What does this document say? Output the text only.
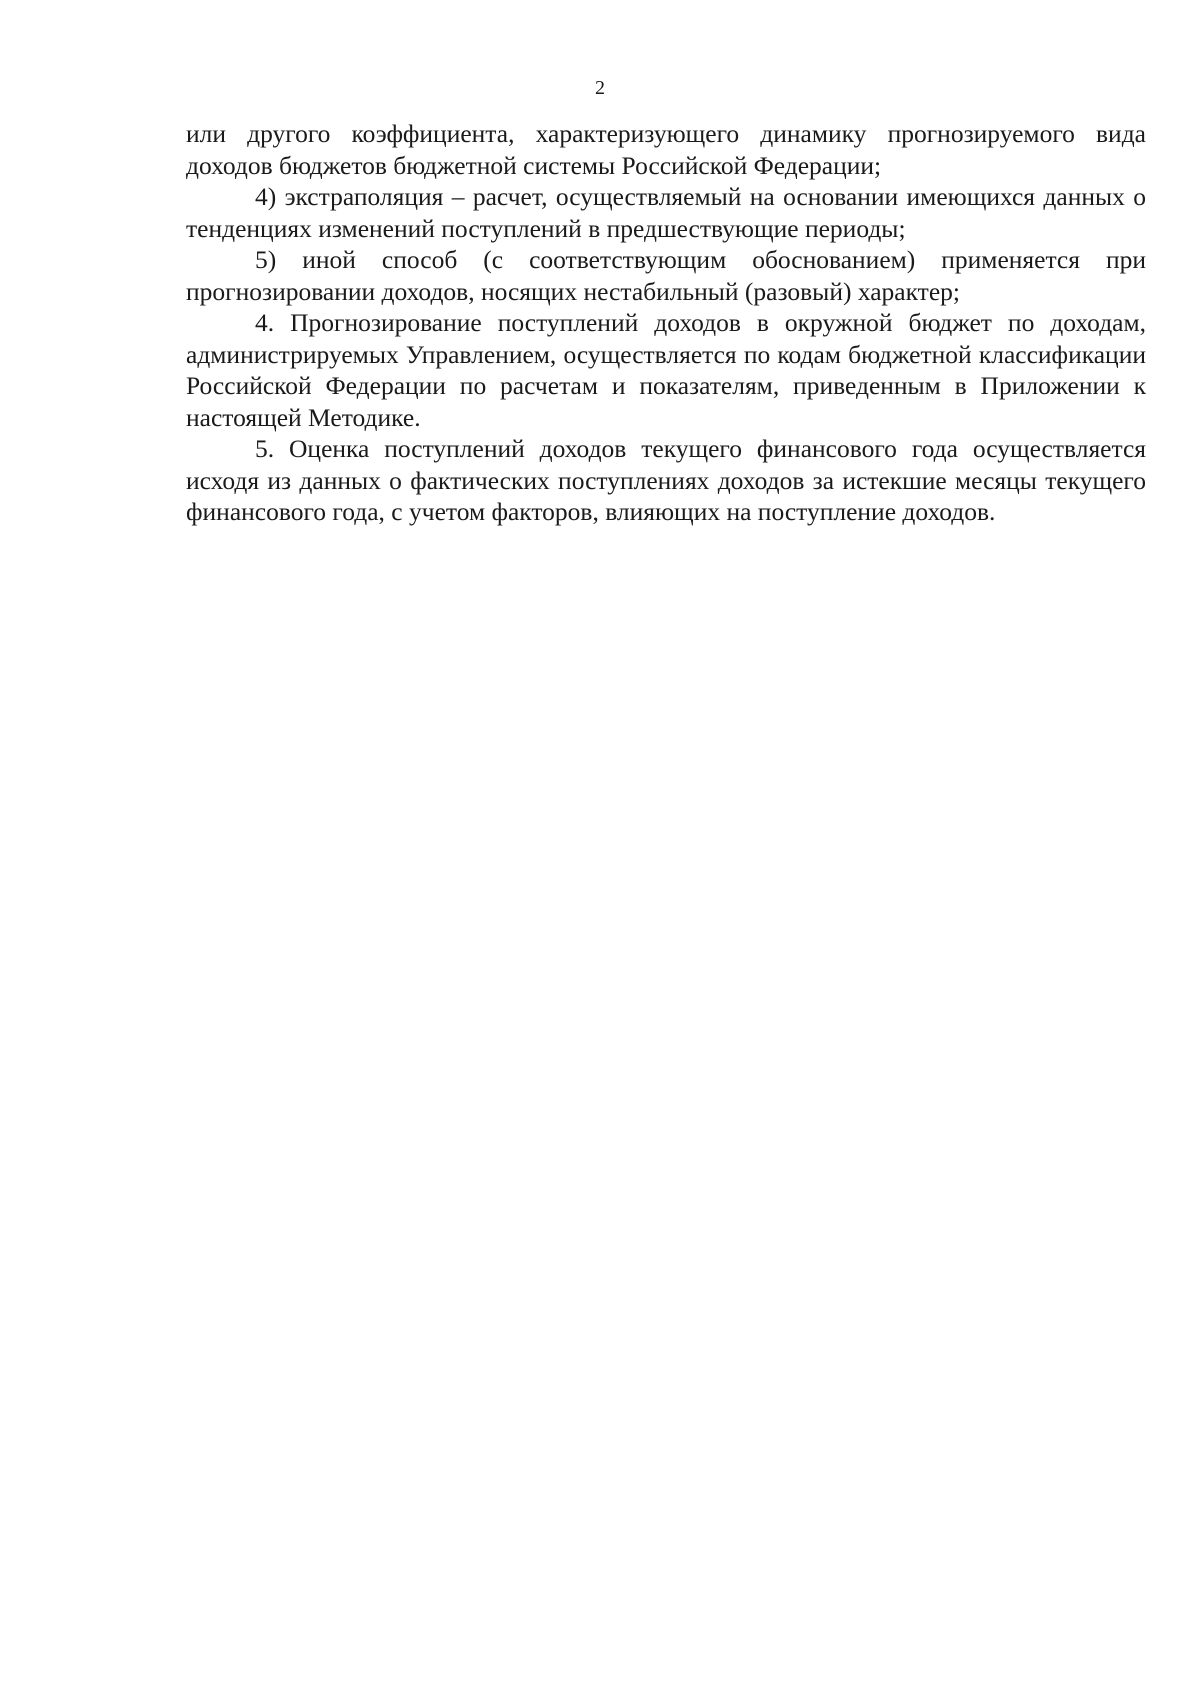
2

или другого коэффициента, характеризующего динамику прогнозируемого вида доходов бюджетов бюджетной системы Российской Федерации;

4) экстраполяция – расчет, осуществляемый на основании имеющихся данных о тенденциях изменений поступлений в предшествующие периоды;

5) иной способ (с соответствующим обоснованием) применяется при прогнозировании доходов, носящих нестабильный (разовый) характер;

4. Прогнозирование поступлений доходов в окружной бюджет по доходам, администрируемых Управлением, осуществляется по кодам бюджетной классификации Российской Федерации по расчетам и показателям, приведенным в Приложении к настоящей Методике.

5. Оценка поступлений доходов текущего финансового года осуществляется исходя из данных о фактических поступлениях доходов за истекшие месяцы текущего финансового года, с учетом факторов, влияющих на поступление доходов.
